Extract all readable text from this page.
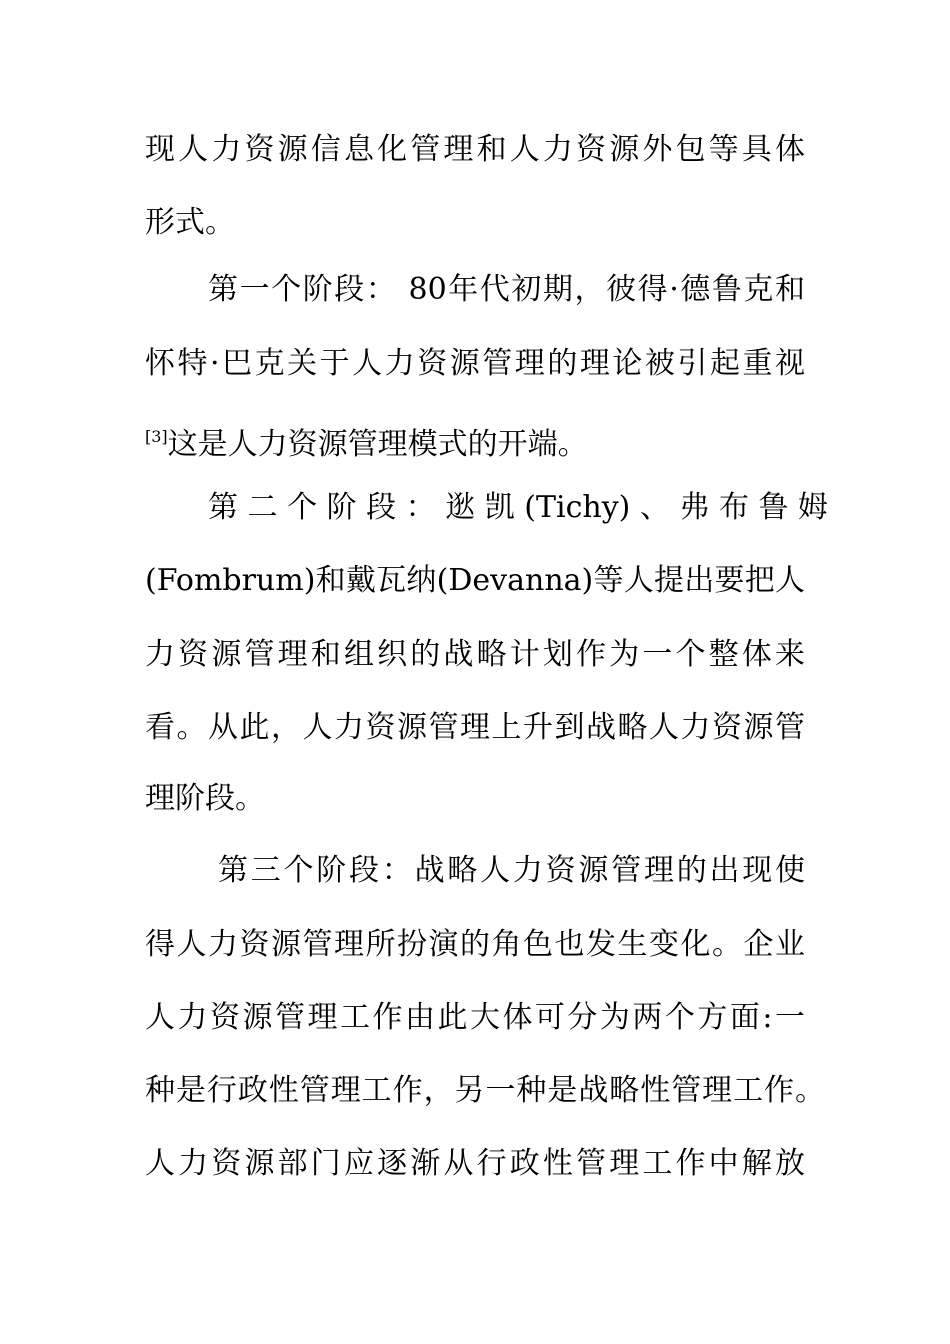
现人力资源信息化管理和人力资源外包等具体
形式。
第一个阶段： 80年代初期，彼得·德鲁克和
怀特·巴克关于人力资源管理的理论被引起重视
[3]这是人力资源管理模式的开端。
第 二 个 阶 段 ： 逖 凯 (Tichy) 、 弗 布 鲁 姆
(Fombrum)和戴瓦纳(Devanna)等人提出要把人
力资源管理和组织的战略计划作为一个整体来
看。从此，人力资源管理上升到战略人力资源管
理阶段。
第三个阶段：战略人力资源管理的出现使
得人力资源管理所扮演的角色也发生变化。企业
人力资源管理工作由此大体可分为两个方面:一
种是行政性管理工作，另一种是战略性管理工作。
人力资源部门应逐渐从行政性管理工作中解放
